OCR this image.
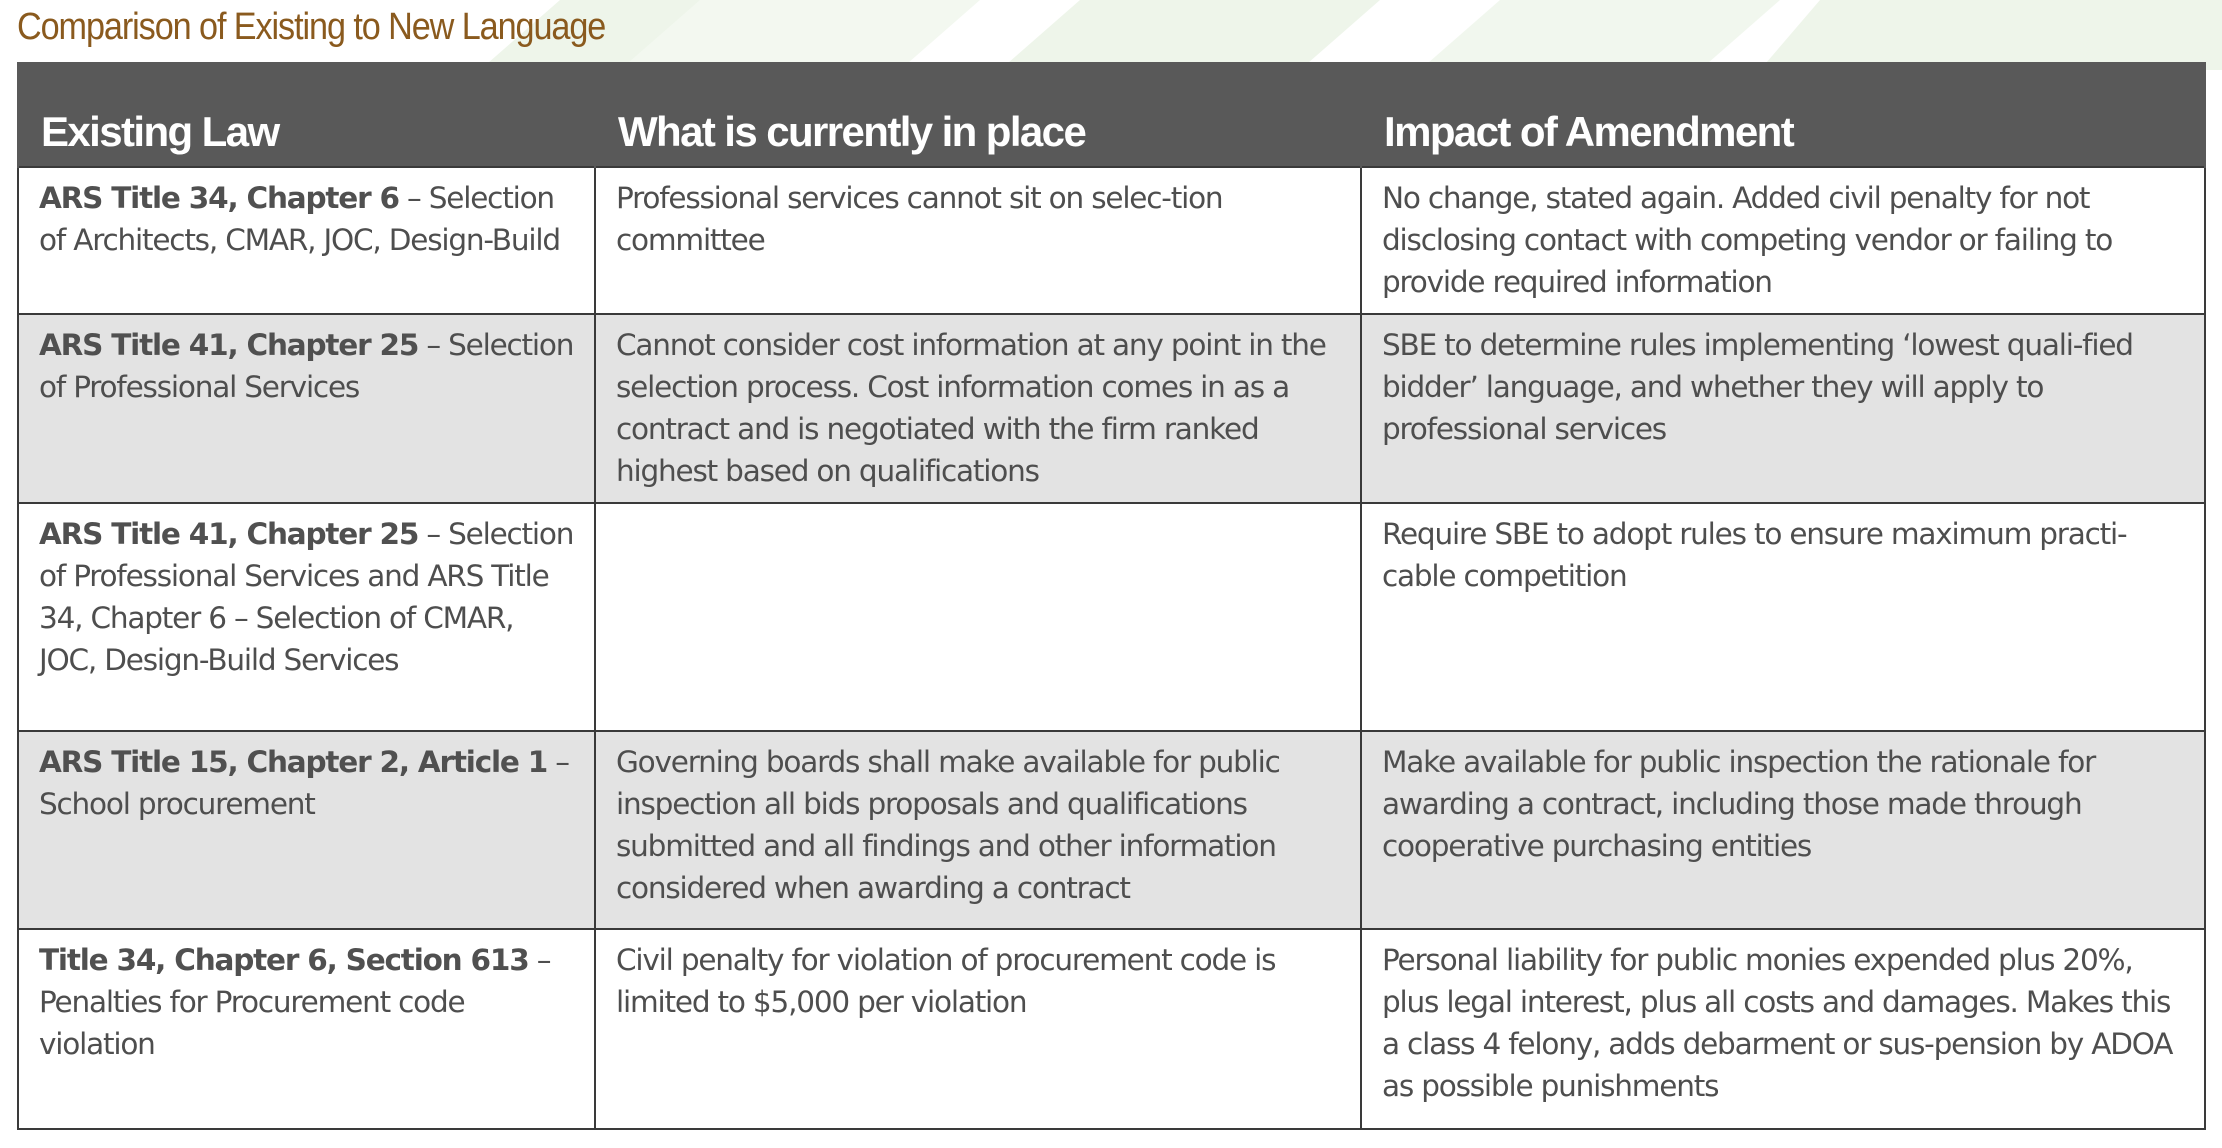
Comparison of Existing to New Language
Existing Law	What is currently in place	Impact of Amendment
ARS Title 34, Chapter 6 – Selection of Architects, CMAR, JOC, Design-Build	Professional services cannot sit on selec-tion committee	No change, stated again. Added civil penalty for not disclosing contact with competing vendor or failing to provide required information
ARS Title 41, Chapter 25 – Selection of Professional Services	Cannot consider cost information at any point in the selection process. Cost information comes in as a contract and is negotiated with the firm ranked highest based on qualifications	SBE to determine rules implementing ‘lowest quali-fied bidder’ language, and whether they will apply to professional services
ARS Title 41, Chapter 25 – Selection of Professional Services and ARS Title 34, Chapter 6 – Selection of CMAR, JOC, Design-Build Services		Require SBE to adopt rules to ensure maximum practi-cable competition
ARS Title 15, Chapter 2, Article 1 – School procurement	Governing boards shall make available for public inspection all bids proposals and qualifications submitted and all findings and other information considered when awarding a contract	Make available for public inspection the rationale for awarding a contract, including those made through cooperative purchasing entities
Title 34, Chapter 6, Section 613 – Penalties for Procurement code violation	Civil penalty for violation of procurement code is limited to $5,000 per violation	Personal liability for public monies expended plus 20%, plus legal interest, plus all costs and damages. Makes this a class 4 felony, adds debarment or sus-pension by ADOA as possible punishments
